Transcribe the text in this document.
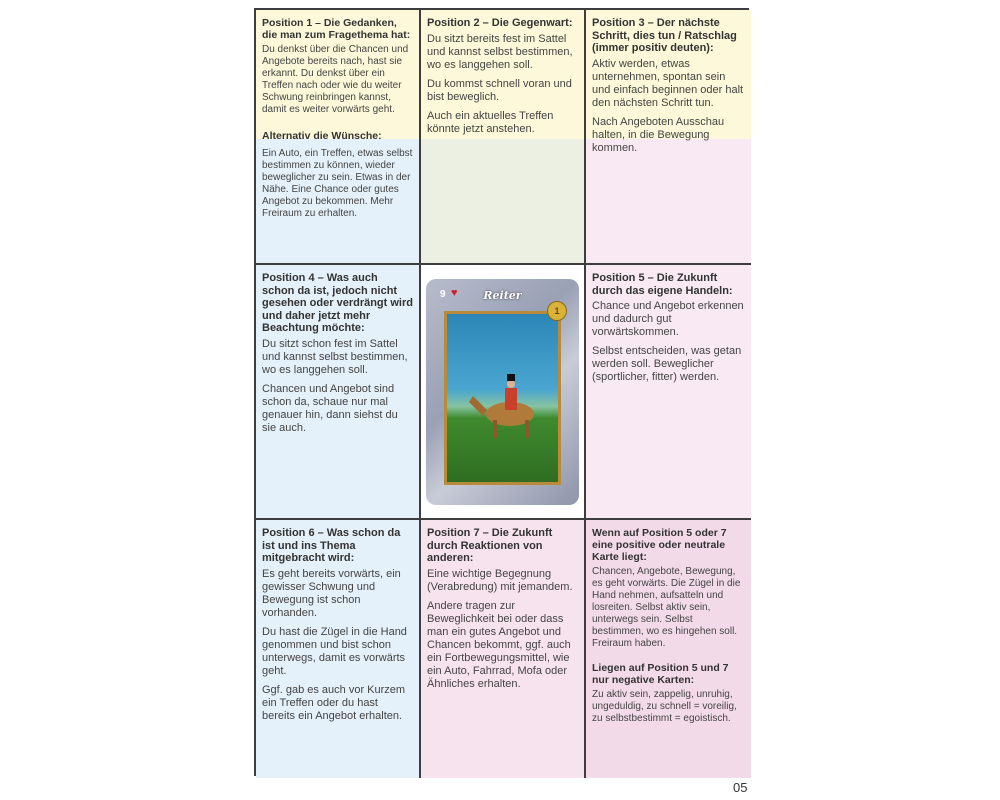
Position 1 – Die Gedanken, die man zum Fragethema hat:

Du denkst über die Chancen und Angebote bereits nach, hast sie erkannt. Du denkst über ein Treffen nach oder wie du weiter Schwung reinbringen kannst, damit es weiter vorwärts geht.

Alternativ die Wünsche:

Ein Auto, ein Treffen, etwas selbst bestimmen zu können, wieder beweglicher zu sein. Etwas in der Nähe. Eine Chance oder gutes Angebot zu bekommen. Mehr Freiraum zu erhalten.

Position 2 – Die Gegenwart:

Du sitzt bereits fest im Sattel und kannst selbst bestimmen, wo es langgehen soll.

Du kommst schnell voran und bist beweglich.

Auch ein aktuelles Treffen könnte jetzt anstehen.

Position 3 – Der nächste Schritt, dies tun / Ratschlag (immer positiv deuten):

Aktiv werden, etwas unternehmen, spontan sein und einfach beginnen oder halt den nächsten Schritt tun.

Nach Angeboten Ausschau halten, in die Bewegung kommen.

Position 4 – Was auch schon da ist, jedoch nicht gesehen oder verdrängt wird und daher jetzt mehr Beachtung möchte:

Du sitzt schon fest im Sattel und kannst selbst bestimmen, wo es langgehen soll.

Chancen und Angebot sind schon da, schaue nur mal genauer hin, dann siehst du sie auch.

9 ♥	Reiter
1
Position 5 – Die Zukunft durch das eigene Handeln:

Chance und Angebot erkennen und dadurch gut vorwärtskommen.

Selbst entscheiden, was getan werden soll. Beweglicher (sportlicher, fitter) werden.

Position 6 – Was schon da ist und ins Thema mitgebracht wird:

Es geht bereits vorwärts, ein gewisser Schwung und Bewegung ist schon vorhanden.

Du hast die Zügel in die Hand genommen und bist schon unterwegs, damit es vorwärts geht.

Ggf. gab es auch vor Kurzem ein Treffen oder du hast bereits ein Angebot erhalten.

Position 7 – Die Zukunft durch Reaktionen von anderen:

Eine wichtige Begegnung (Verabredung) mit jemandem.

Andere tragen zur Beweglichkeit bei oder dass man ein gutes Angebot und Chancen bekommt, ggf. auch ein Fortbewegungsmittel, wie ein Auto, Fahrrad, Mofa oder Ähnliches erhalten.

Wenn auf Position 5 oder 7 eine positive oder neutrale Karte liegt:

Chancen, Angebote, Bewegung, es geht vorwärts. Die Zügel in die Hand nehmen, aufsatteln und losreiten. Selbst aktiv sein, unterwegs sein. Selbst bestimmen, wo es hingehen soll. Freiraum haben.

Liegen auf Position 5 und 7 nur negative Karten:

Zu aktiv sein, zappelig, unruhig, ungeduldig, zu schnell = voreilig, zu selbstbestimmt = egoistisch.

05
